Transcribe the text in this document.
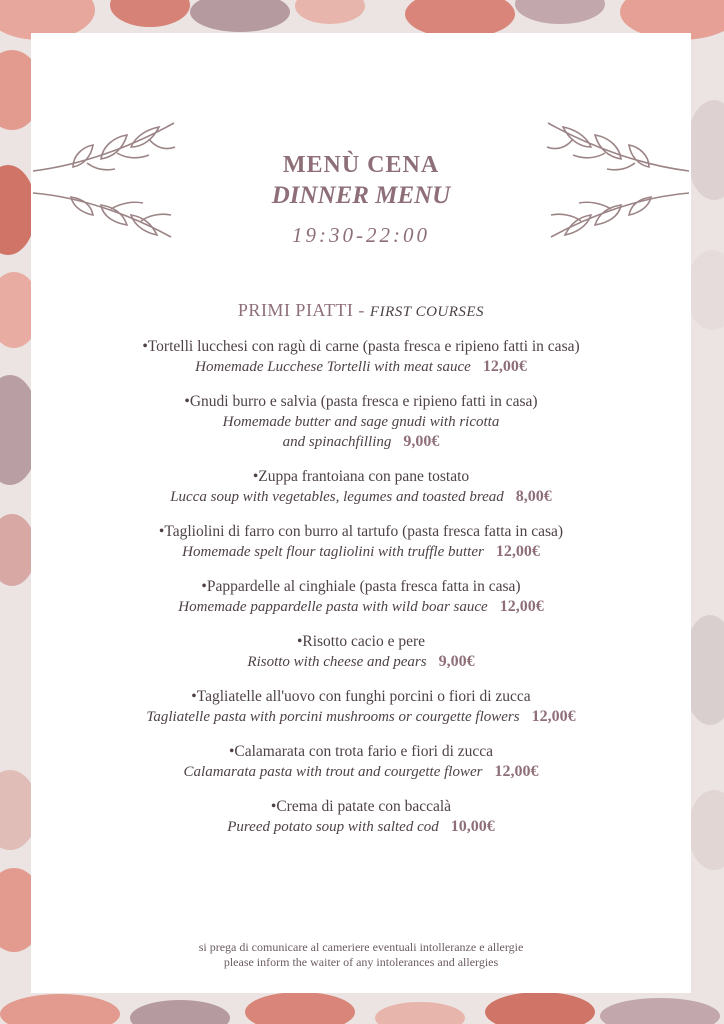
MENÙ CENA
DINNER MENU
19:30-22:00
PRIMI PIATTI - FIRST COURSES
•Tortelli lucchesi con ragù di carne (pasta fresca e ripieno fatti in casa)
Homemade Lucchese Tortelli with meat sauce 12,00€
•Gnudi burro e salvia (pasta fresca e ripieno fatti in casa)
Homemade butter and sage gnudi with ricotta
and spinachfilling 9,00€
•Zuppa frantoiana con pane tostato
Lucca soup with vegetables, legumes and toasted bread 8,00€
•Tagliolini di farro con burro al tartufo (pasta fresca fatta in casa)
Homemade spelt flour tagliolini with truffle butter 12,00€
•Pappardelle al cinghiale (pasta fresca fatta in casa)
Homemade pappardelle pasta with wild boar sauce 12,00€
•Risotto cacio e pere
Risotto with cheese and pears 9,00€
•Tagliatelle all'uovo con funghi porcini o fiori di zucca
Tagliatelle pasta with porcini mushrooms or courgette flowers 12,00€
•Calamarata con trota fario e fiori di zucca
Calamarata pasta with trout and courgette flower 12,00€
•Crema di patate con baccalà
Pureed potato soup with salted cod 10,00€
si prega di comunicare al cameriere eventuali intolleranze e allergie
please inform the waiter of any intolerances and allergies
